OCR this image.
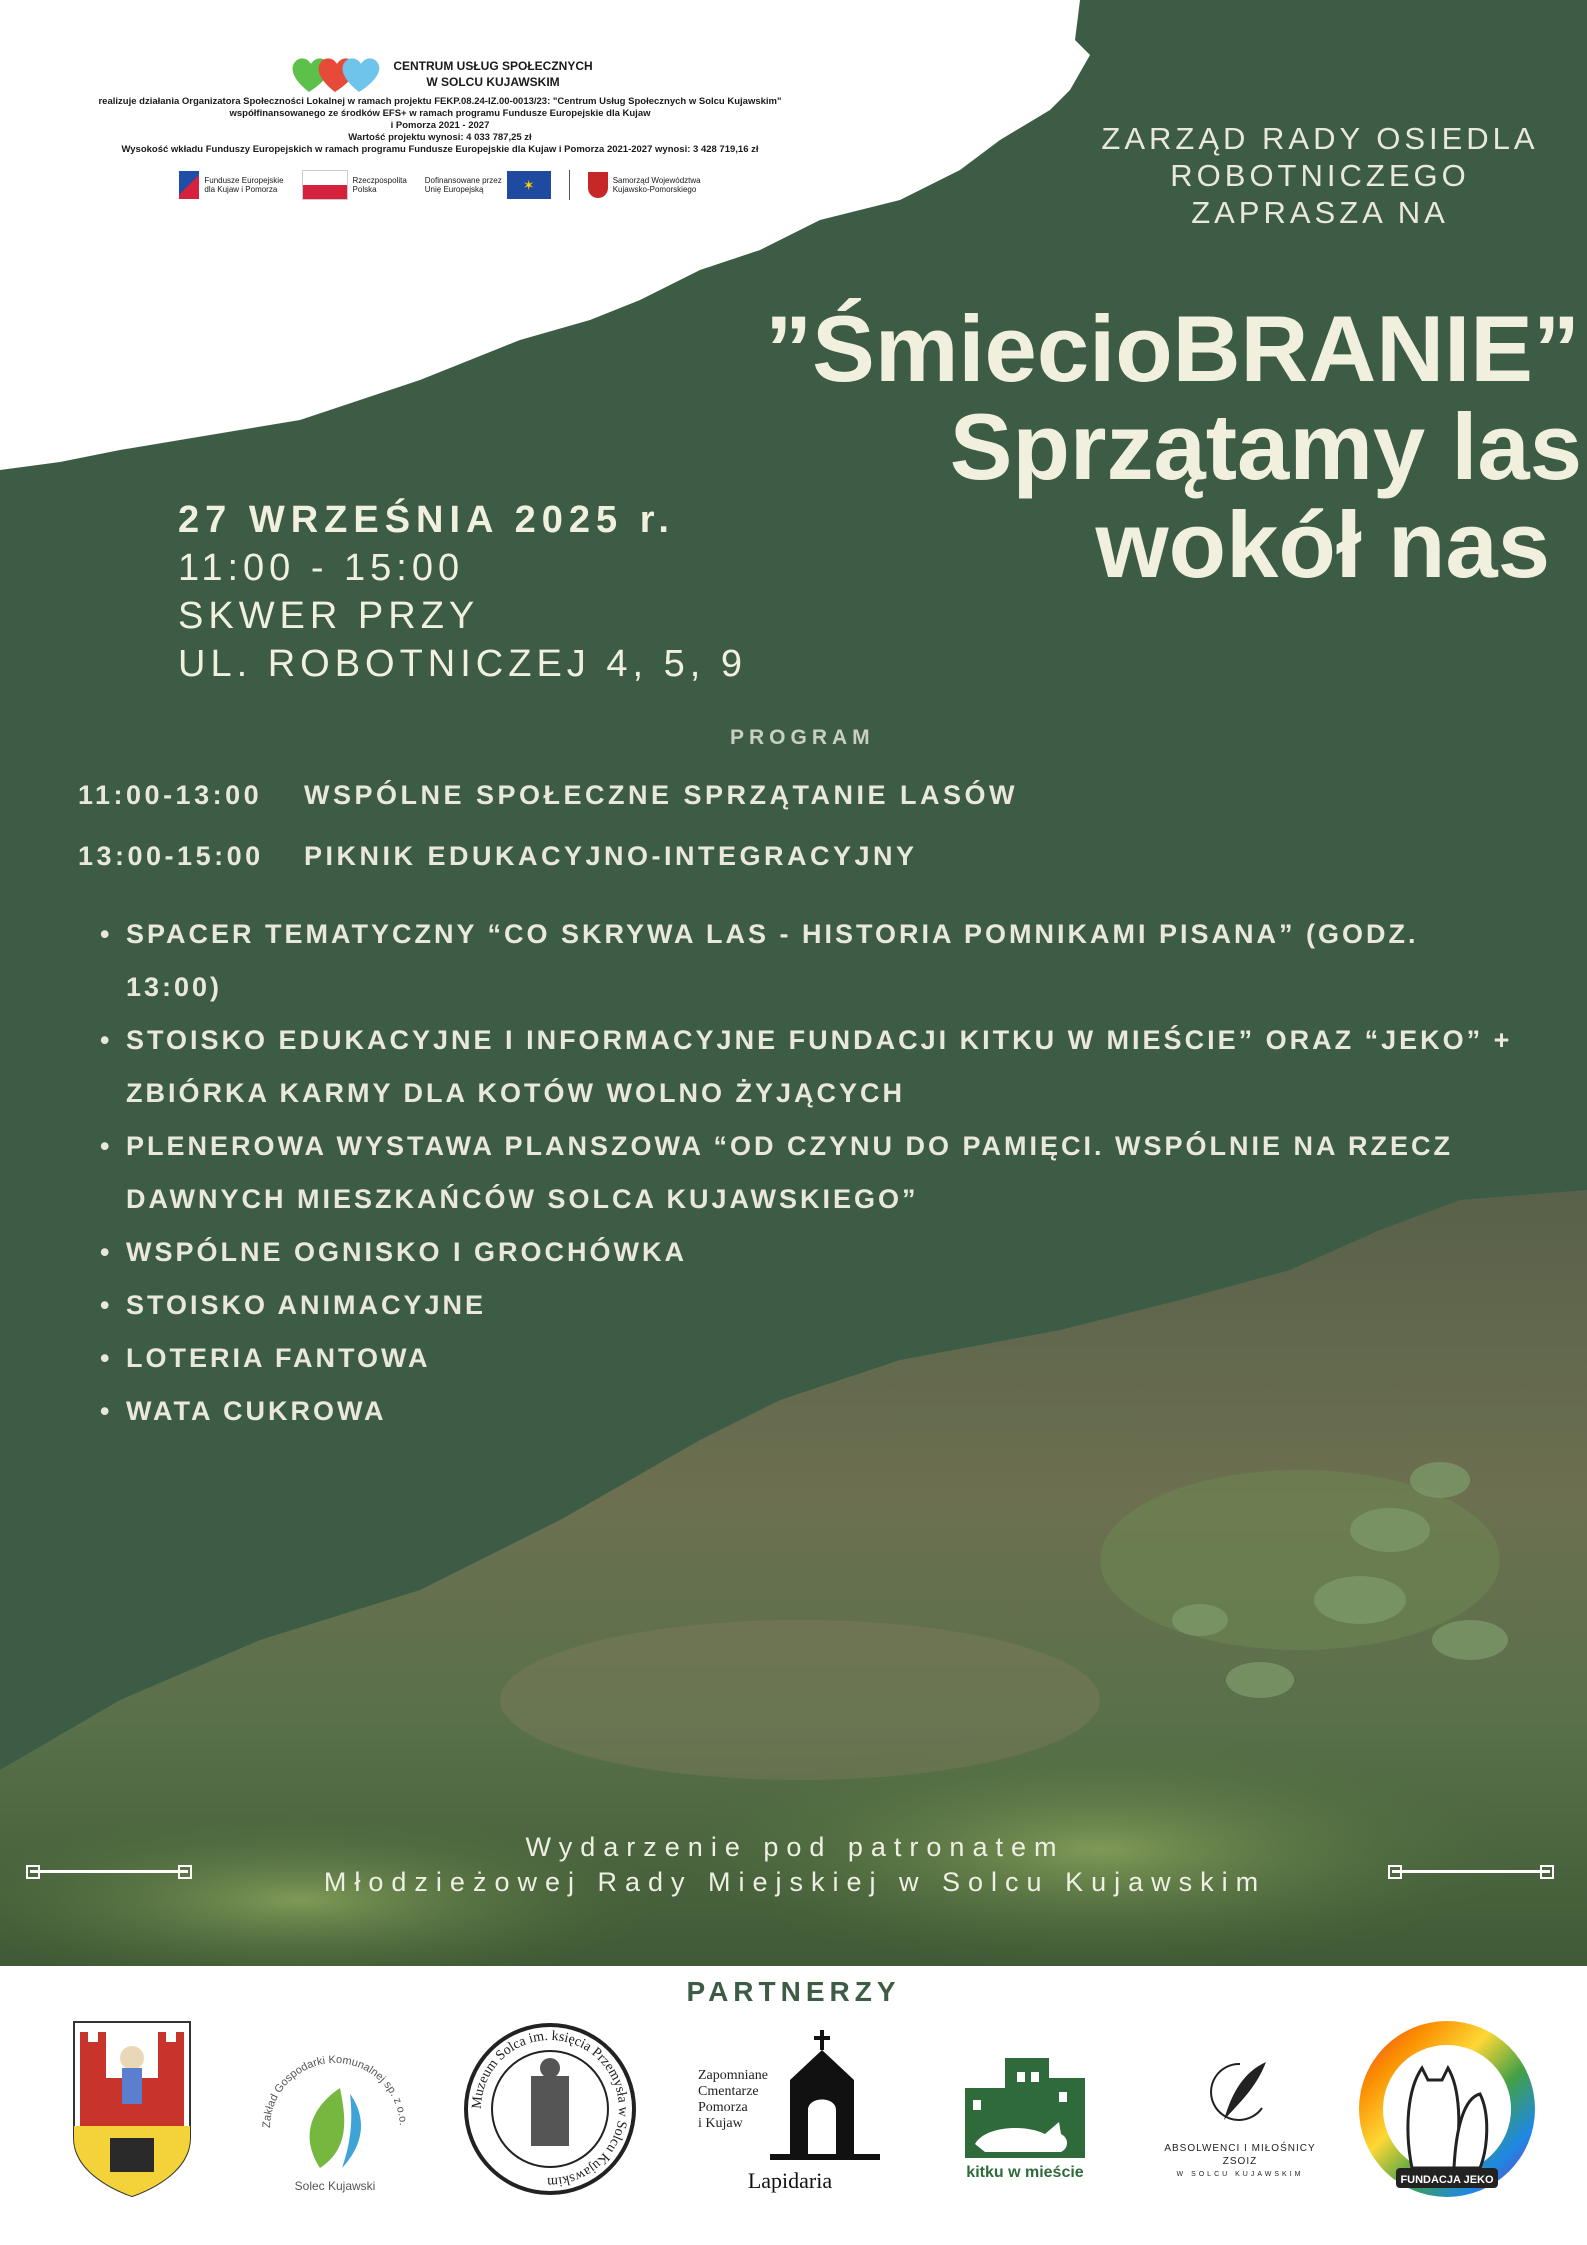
CENTRUM USŁUG SPOŁECZNYCH
W SOLCU KUJAWSKIM
realizuje działania Organizatora Społeczności Lokalnej w ramach projektu FEKP.08.24-IZ.00-0013/23: "Centrum Usług Społecznych w Solcu Kujawskim"
współfinansowanego ze środków EFS+ w ramach programu Fundusze Europejskie dla Kujaw
i Pomorza 2021 - 2027
Wartość projektu wynosi: 4 033 787,25 zł
Wysokość wkładu Funduszy Europejskich w ramach programu Fundusze Europejskie dla Kujaw i Pomorza 2021-2027 wynosi: 3 428 719,16 zł
Fundusze Europejskie
dla Kujaw i Pomorza
Rzeczpospolita
Polska
Dofinansowane przez
Unię Europejską	✶	Samorząd Województwa
Kujawsko-Pomorskiego
ZARZĄD RADY OSIEDLA
ROBOTNICZEGO
ZAPRASZA NA
”ŚmiecioBRANIE”
Sprzątamy las
wokół nas
27 WRZEŚNIA 2025 r.
11:00 - 15:00
SKWER PRZY
UL. ROBOTNICZEJ 4, 5, 9
PROGRAM
11:00-13:00 WSPÓLNE SPOŁECZNE SPRZĄTANIE LASÓW
13:00-15:00 PIKNIK EDUKACYJNO-INTEGRACYJNY
• SPACER TEMATYCZNY “CO SKRYWA LAS - HISTORIA POMNIKAMI PISANA” (GODZ. 13:00)
• STOISKO EDUKACYJNE I INFORMACYJNE FUNDACJI KITKU W MIEŚCIE” ORAZ “JEKO” + ZBIÓRKA KARMY DLA KOTÓW WOLNO ŻYJĄCYCH
• PLENEROWA WYSTAWA PLANSZOWA “OD CZYNU DO PAMIĘCI. WSPÓLNIE NA RZECZ DAWNYCH MIESZKAŃCÓW SOLCA KUJAWSKIEGO”
• WSPÓLNE OGNISKO I GROCHÓWKA
• STOISKO ANIMACYJNE
• LOTERIA FANTOWA
• WATA CUKROWA
Wydarzenie pod patronatem
Młodzieżowej Rady Miejskiej w Solcu Kujawskim
PARTNERZY
Zakład Gospodarki Komunalnej sp. z o.o.
Solec Kujawski
Muzeum Solca im. księcia Przemysła w Solcu Kujawskim
Zapomniane
Cmentarze
Pomorza
i Kujaw
Lapidaria	kitku w mieście
ABSOLWENCI I MIŁOŚNICY
ZSOIZ
W SOLCU KUJAWSKIM	FUNDACJA JEKO
